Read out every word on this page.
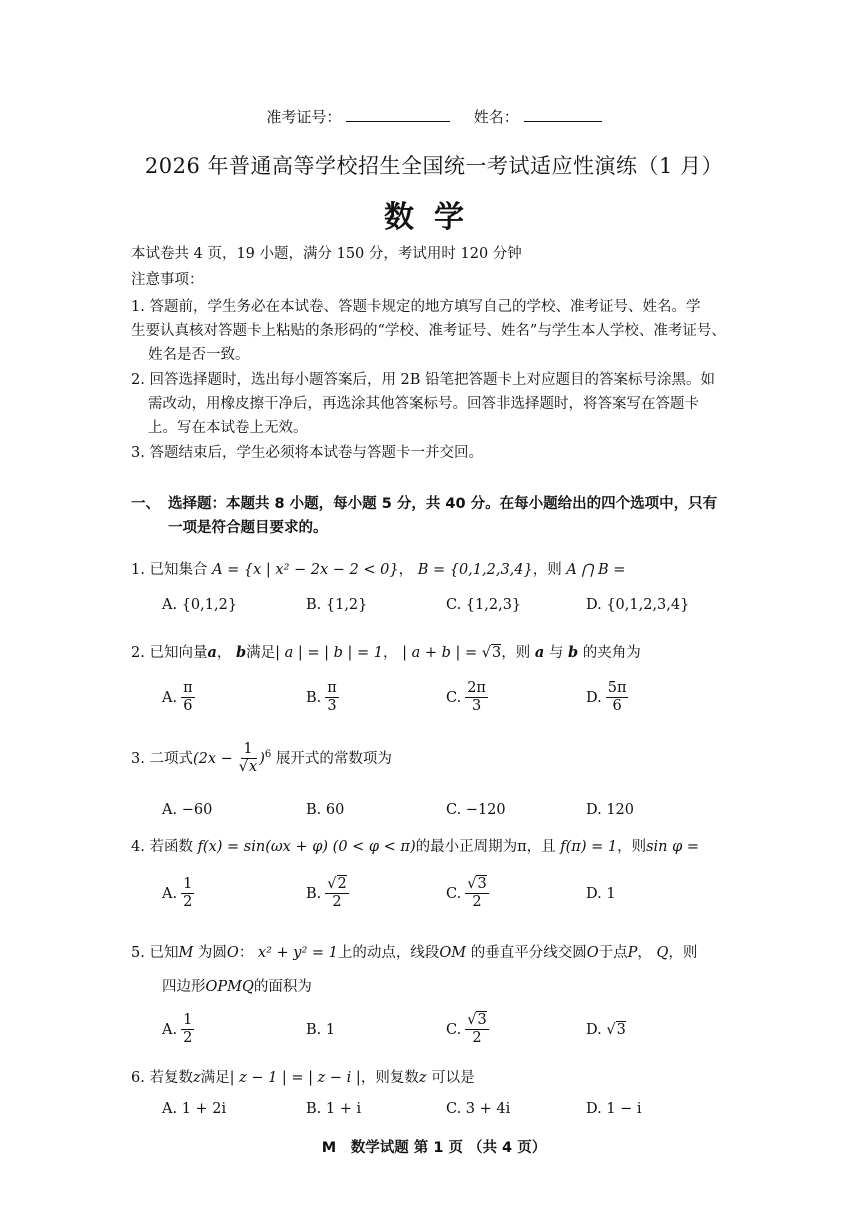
准考证号：	姓名：
2026 年普通高等学校招生全国统一考试适应性演练（1 月）
数学
本试卷共 4 页，19 小题，满分 150 分，考试用时 120 分钟
注意事项：
1. 答题前，学生务必在本试卷、答题卡规定的地方填写自己的学校、准考证号、姓名。学
生要认真核对答题卡上粘贴的条形码的“学校、准考证号、姓名”与学生本人学校、准考证号、
姓名是否一致。
2. 回答选择题时，选出每小题答案后，用 2B 铅笔把答题卡上对应题目的答案标号涂黑。如
需改动，用橡皮擦干净后，再选涂其他答案标号。回答非选择题时，将答案写在答题卡
上。写在本试卷上无效。
3. 答题结束后，学生必须将本试卷与答题卡一并交回。
一、 选择题：本题共 8 小题，每小题 5 分，共 40 分。在每小题给出的四个选项中，只有
一项是符合题目要求的。
1. 已知集合 A = {x | x² − 2x − 2 < 0}， B = {0,1,2,3,4}，则 A ⋂ B =
A. {0,1,2}	B. {1,2}	C. {1,2,3}	D. {0,1,2,3,4}
2. 已知向量a， b满足| a | = | b | = 1， | a + b | = √3，则 a 与 b 的夹角为
A. $\frac{\pi}{6}$	B. $\frac{\pi}{3}$	C. $\frac{2\pi}{3}$	D. $\frac{5\pi}{6}$
3. 二项式$(2x - \frac{1}{√x} )^6$ 展开式的常数项为
A. −60	B. 60	C. −120	D. 120
4. 若函数 f(x) = sin(ωx + φ) (0 < φ < π)的最小正周期为π，且 f(π) = 1，则sin φ =
A. $\frac{1}{2}$	B. $\frac{√2}{2}$	C. $\frac{√3}{2}$	D. 1
5. 已知M 为圆O： x² + y² = 1上的动点，线段OM 的垂直平分线交圆O于点P， Q，则
四边形OPMQ的面积为
A. $\frac{1}{2}$	B. 1	C. $\frac{√3}{2}$	D. √3
6. 若复数z满足| z − 1 | = | z − i |，则复数z 可以是
A. 1 + 2i	B. 1 + i	C. 3 + 4i	D. 1 − i
M　数学试题 第 1 页 （共 4 页）
